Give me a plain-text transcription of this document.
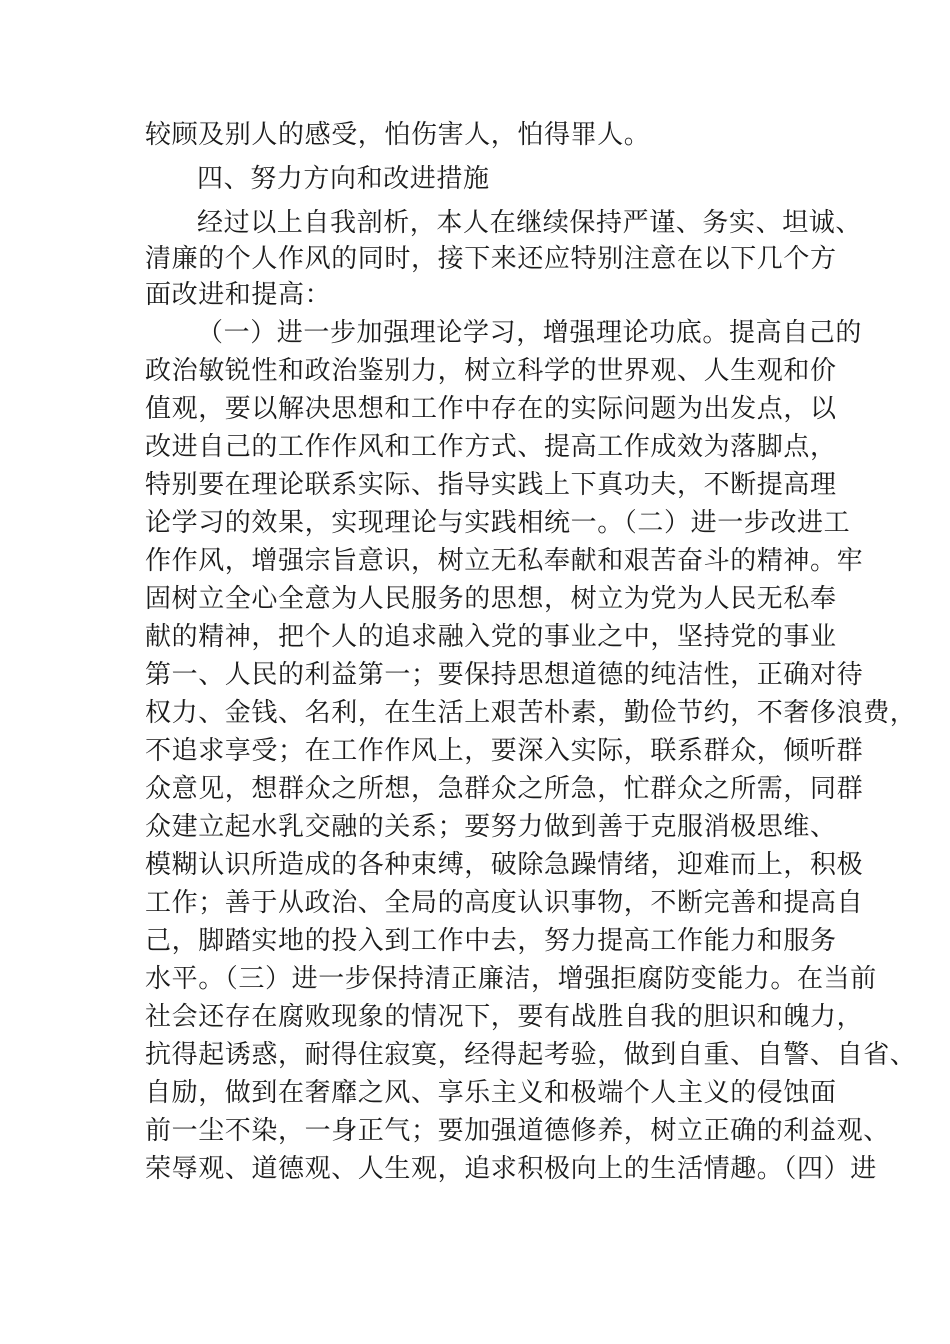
较顾及别人的感受，怕伤害人，怕得罪人。
四、努力方向和改进措施
经过以上自我剖析，本人在继续保持严谨、务实、坦诚、
清廉的个人作风的同时，接下来还应特别注意在以下几个方
面改进和提高：
（一）进一步加强理论学习，增强理论功底。提高自己的
政治敏锐性和政治鉴别力，树立科学的世界观、人生观和价
值观，要以解决思想和工作中存在的实际问题为出发点，以
改进自己的工作作风和工作方式、提高工作成效为落脚点，
特别要在理论联系实际、指导实践上下真功夫，不断提高理
论学习的效果，实现理论与实践相统一。（二）进一步改进工
作作风，增强宗旨意识，树立无私奉献和艰苦奋斗的精神。牢
固树立全心全意为人民服务的思想，树立为党为人民无私奉
献的精神，把个人的追求融入党的事业之中，坚持党的事业
第一、人民的利益第一；要保持思想道德的纯洁性，正确对待
权力、金钱、名利，在生活上艰苦朴素，勤俭节约，不奢侈浪费，
不追求享受；在工作作风上，要深入实际，联系群众，倾听群
众意见，想群众之所想，急群众之所急，忙群众之所需，同群
众建立起水乳交融的关系；要努力做到善于克服消极思维、
模糊认识所造成的各种束缚，破除急躁情绪，迎难而上，积极
工作；善于从政治、全局的高度认识事物，不断完善和提高自
己，脚踏实地的投入到工作中去，努力提高工作能力和服务
水平。（三）进一步保持清正廉洁，增强拒腐防变能力。在当前
社会还存在腐败现象的情况下，要有战胜自我的胆识和魄力，
抗得起诱惑，耐得住寂寞，经得起考验，做到自重、自警、自省、
自励，做到在奢靡之风、享乐主义和极端个人主义的侵蚀面
前一尘不染，一身正气；要加强道德修养，树立正确的利益观、
荣辱观、道德观、人生观，追求积极向上的生活情趣。（四）进
